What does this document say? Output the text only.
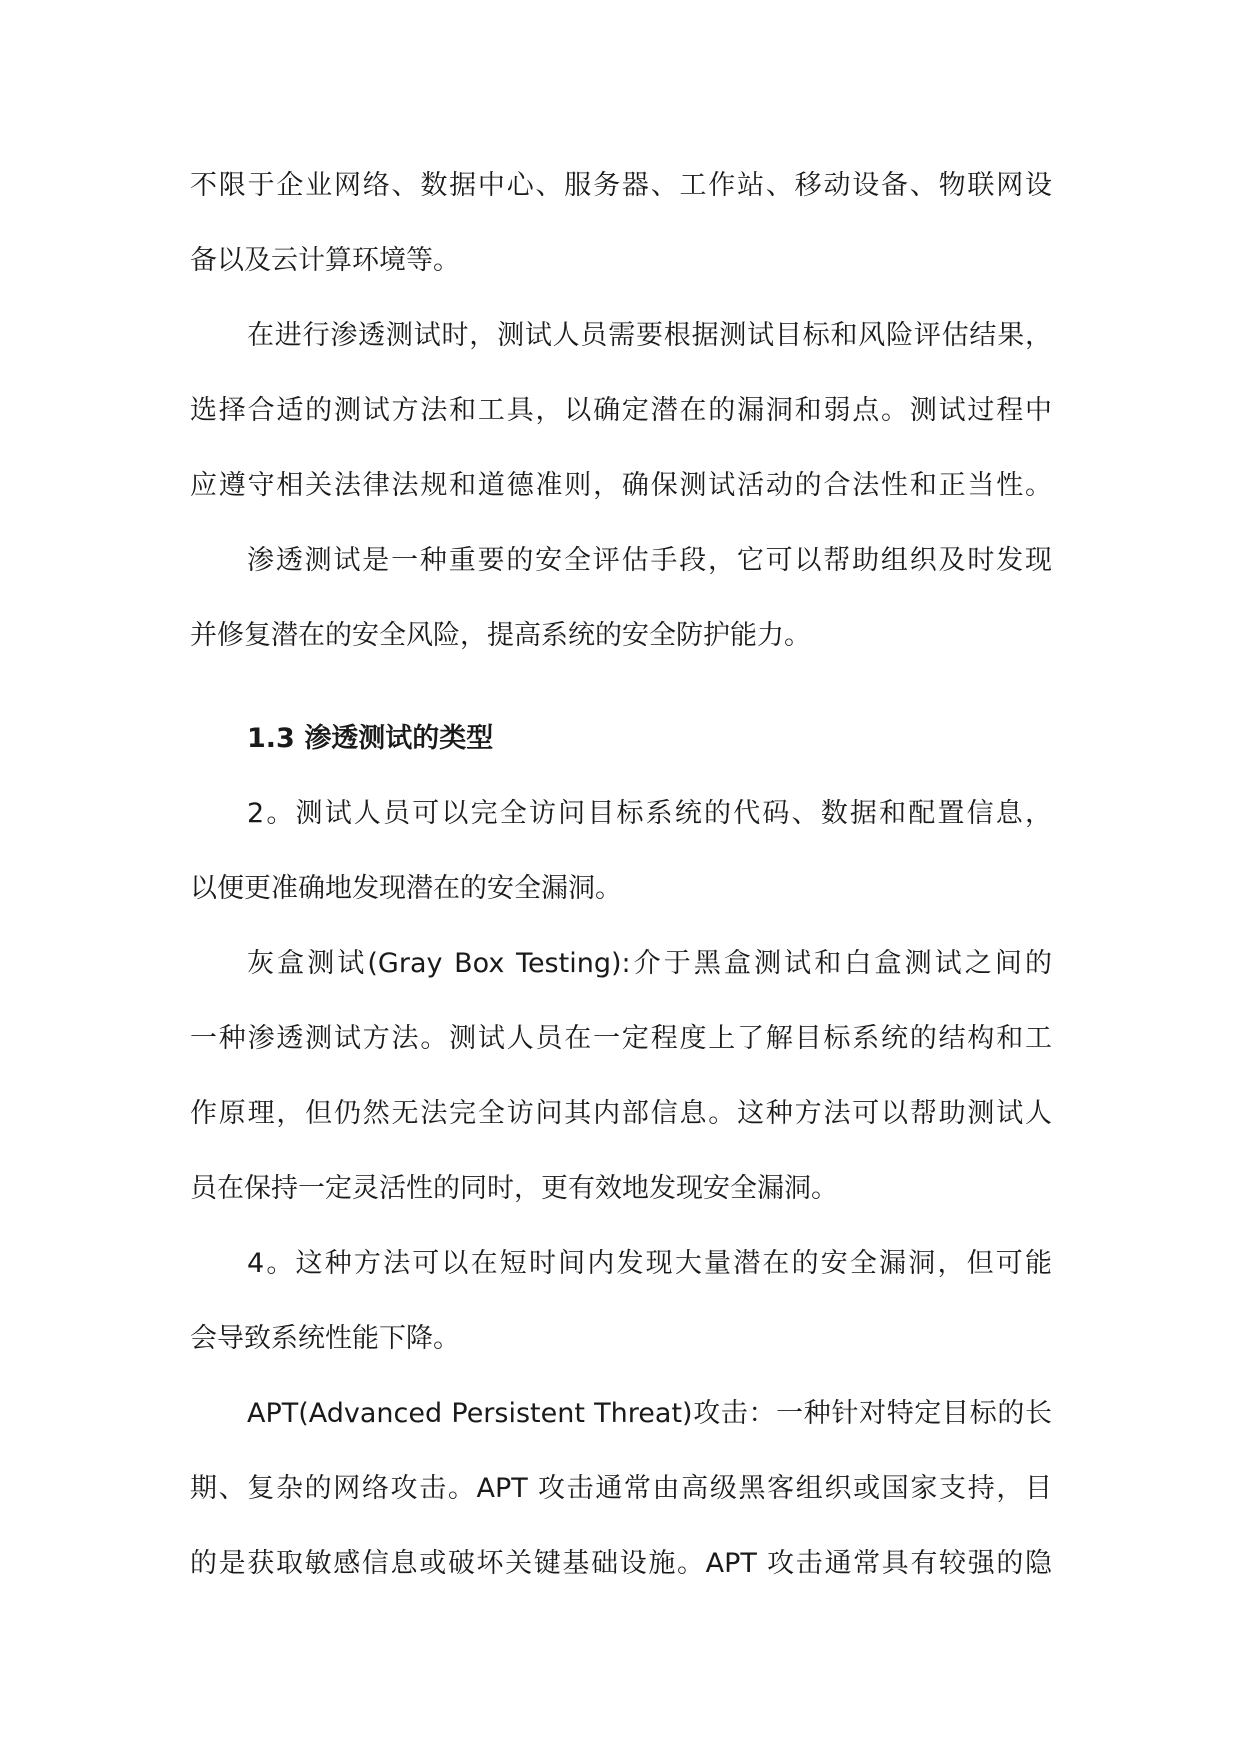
不限于企业网络、数据中心、服务器、工作站、移动设备、物联网设
备以及云计算环境等。
在进行渗透测试时，测试人员需要根据测试目标和风险评估结果，
选择合适的测试方法和工具，以确定潜在的漏洞和弱点。测试过程中
应遵守相关法律法规和道德准则，确保测试活动的合法性和正当性。
渗透测试是一种重要的安全评估手段，它可以帮助组织及时发现
并修复潜在的安全风险，提高系统的安全防护能力。
1.3 渗透测试的类型
2。测试人员可以完全访问目标系统的代码、数据和配置信息，
以便更准确地发现潜在的安全漏洞。
灰盒测试(Gray Box Testing):介于黑盒测试和白盒测试之间的
一种渗透测试方法。测试人员在一定程度上了解目标系统的结构和工
作原理，但仍然无法完全访问其内部信息。这种方法可以帮助测试人
员在保持一定灵活性的同时，更有效地发现安全漏洞。
4。这种方法可以在短时间内发现大量潜在的安全漏洞，但可能
会导致系统性能下降。
APT(Advanced Persistent Threat)攻击：一种针对特定目标的长
期、复杂的网络攻击。APT 攻击通常由高级黑客组织或国家支持，目
的是获取敏感信息或破坏关键基础设施。APT 攻击通常具有较强的隐
